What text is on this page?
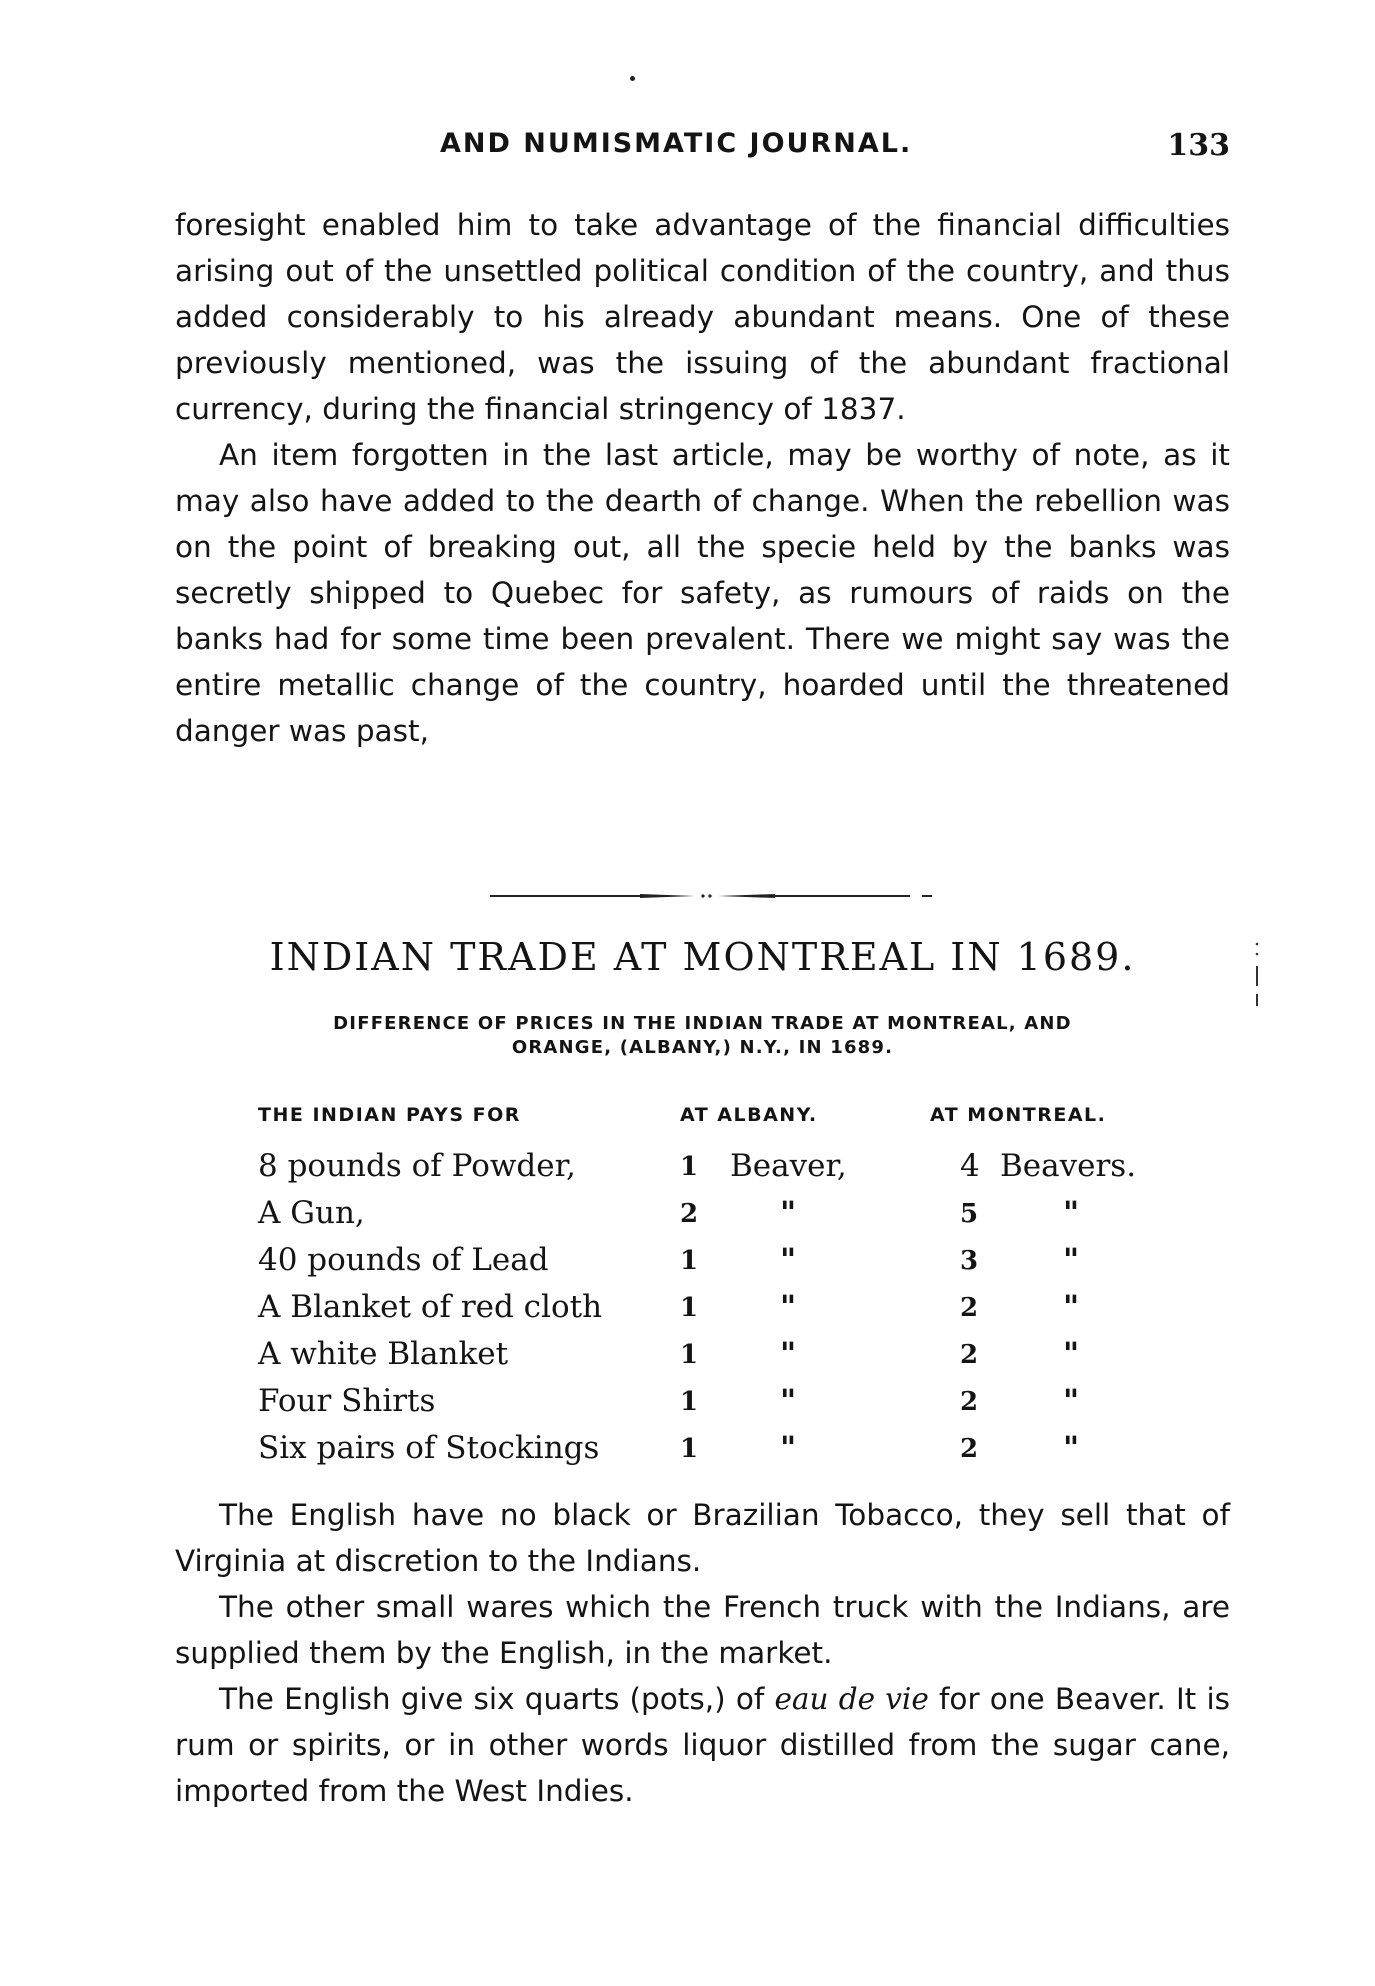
AND NUMISMATIC JOURNAL.	133

foresight enabled him to take advantage of the financial difficulties arising out of the unsettled political condition of the country, and thus added considerably to his already abundant means. One of these previously mentioned, was the issuing of the abundant fractional currency, during the financial stringency of 1837.

An item forgotten in the last article, may be worthy of note, as it may also have added to the dearth of change. When the rebellion was on the point of breaking out, all the specie held by the banks was secretly shipped to Quebec for safety, as rumours of raids on the banks had for some time been prevalent. There we might say was the entire metallic change of the country, hoarded until the threatened danger was past,

INDIAN TRADE AT MONTREAL IN 1689.
DIFFERENCE OF PRICES IN THE INDIAN TRADE AT MONTREAL, AND
ORANGE, (ALBANY,) N.Y., IN 1689.
THE INDIAN PAYS FOR	AT ALBANY.	AT MONTREAL.
8 pounds of Powder,	1 Beaver,	4 Beavers.
A Gun,	2	"	5	"
40 pounds of Lead	1	"	3	"
A Blanket of red cloth	1	"	2	"
A white Blanket	1	"	2	"
Four Shirts	1	"	2	"
Six pairs of Stockings	1	"	2	"

The English have no black or Brazilian Tobacco, they sell that of Virginia at discretion to the Indians.

The other small wares which the French truck with the Indians, are supplied them by the English, in the market.

The English give six quarts (pots,) of eau de vie for one Beaver. It is rum or spirits, or in other words liquor distilled from the sugar cane, imported from the West Indies.
